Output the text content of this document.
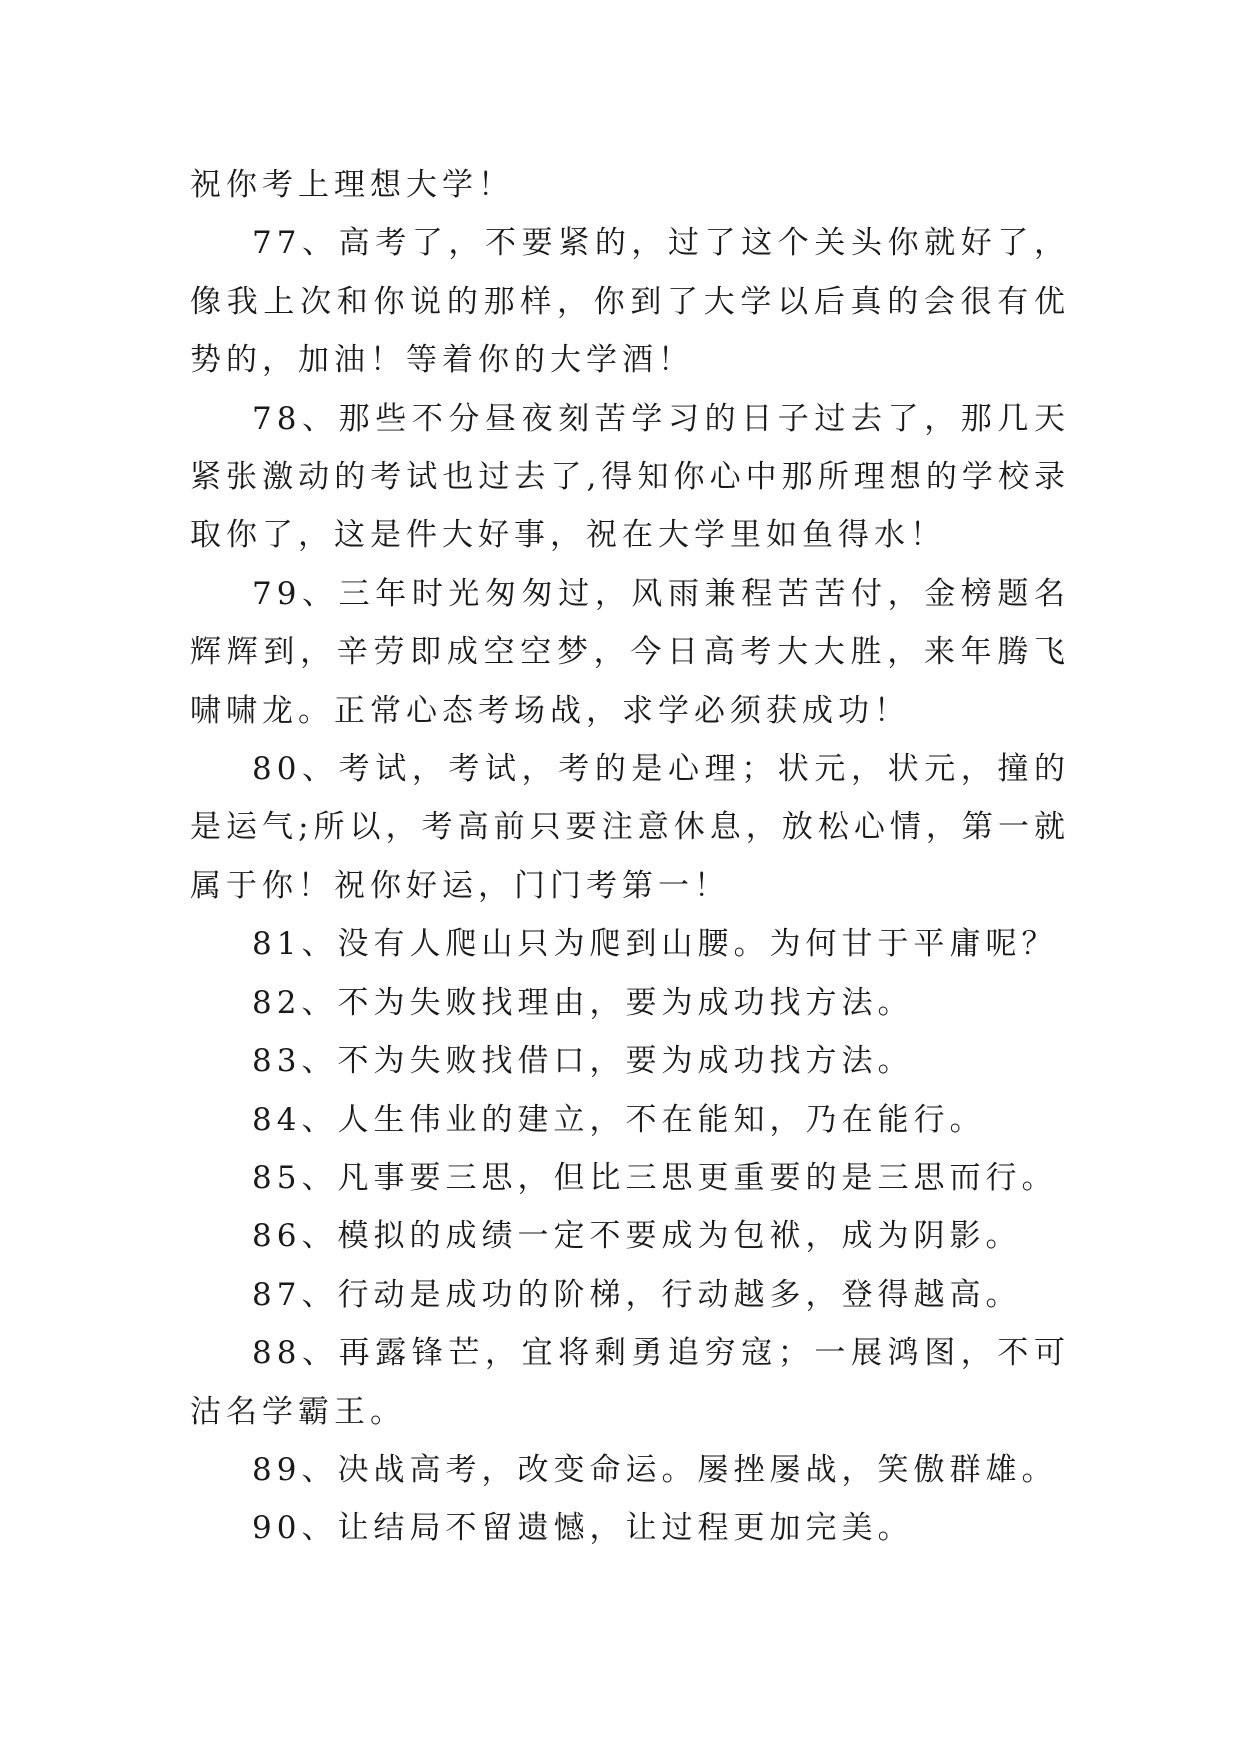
祝你考上理想大学！

77、高考了，不要紧的，过了这个关头你就好了，像我上次和你说的那样，你到了大学以后真的会很有优势的，加油！等着你的大学酒！

78、那些不分昼夜刻苦学习的日子过去了，那几天紧张激动的考试也过去了,得知你心中那所理想的学校录取你了，这是件大好事，祝在大学里如鱼得水！

79、三年时光匆匆过，风雨兼程苦苦付，金榜题名辉辉到，辛劳即成空空梦，今日高考大大胜，来年腾飞啸啸龙。正常心态考场战，求学必须获成功！

80、考试，考试，考的是心理；状元，状元，撞的是运气;所以，考高前只要注意休息，放松心情，第一就属于你！祝你好运，门门考第一！

81、没有人爬山只为爬到山腰。为何甘于平庸呢？

82、不为失败找理由，要为成功找方法。

83、不为失败找借口，要为成功找方法。

84、人生伟业的建立，不在能知，乃在能行。

85、凡事要三思，但比三思更重要的是三思而行。

86、模拟的成绩一定不要成为包袱，成为阴影。

87、行动是成功的阶梯，行动越多，登得越高。

88、再露锋芒，宜将剩勇追穷寇；一展鸿图，不可沽名学霸王。

89、决战高考，改变命运。屡挫屡战，笑傲群雄。

90、让结局不留遗憾，让过程更加完美。
